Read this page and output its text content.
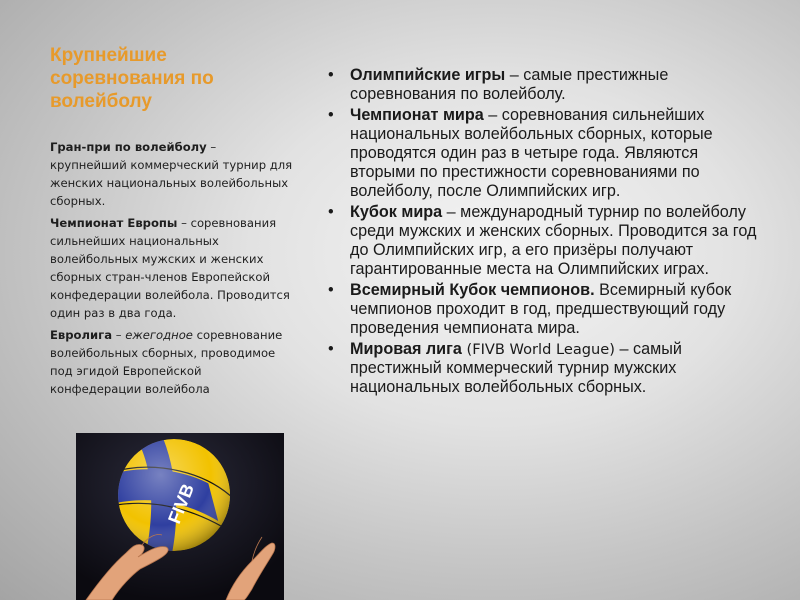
Крупнейшие соревнования по волейболу

Гран-при по волейболу – крупнейший коммерческий турнир для женских национальных волейбольных сборных.

Чемпионат Европы – соревнования сильнейших национальных волейбольных мужских и женских сборных стран-членов Европейской конфедерации волейбола. Проводится один раз в два года.

Евролига – ежегодное соревнование волейбольных сборных, проводимое под эгидой Европейской конфедерации волейбола

• Олимпийские игры – самые престижные соревнования по волейболу.
• Чемпионат мира – соревнования сильнейших национальных волейбольных сборных, которые проводятся один раз в четыре года. Являются вторыми по престижности соревнованиями по волейболу, после Олимпийских игр.
• Кубок мира – международный турнир по волейболу среди мужских и женских сборных. Проводится за год до Олимпийских игр, а его призёры получают гарантированные места на Олимпийских играх.
• Всемирный Кубок чемпионов. Всемирный кубок чемпионов проходит в год, предшествующий году проведения чемпионата мира.
• Мировая лига (FIVB World League) – самый престижный коммерческий турнир мужских национальных волейбольных сборных.
